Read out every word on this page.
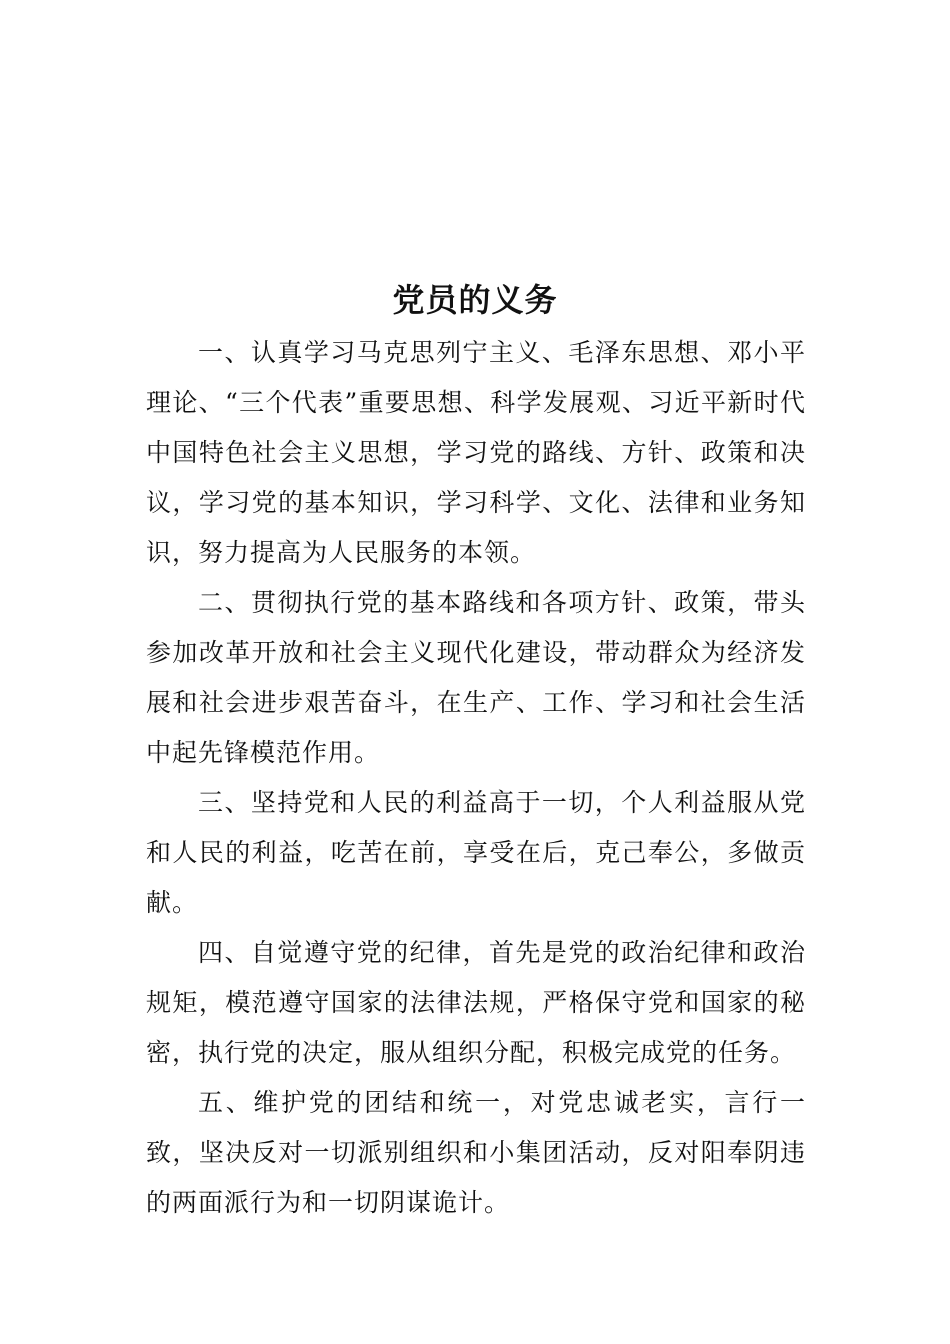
党员的义务

一、认真学习马克思列宁主义、毛泽东思想、邓小平理论、“三个代表”重要思想、科学发展观、习近平新时代中国特色社会主义思想，学习党的路线、方针、政策和决议，学习党的基本知识，学习科学、文化、法律和业务知识，努力提高为人民服务的本领。

二、贯彻执行党的基本路线和各项方针、政策，带头参加改革开放和社会主义现代化建设，带动群众为经济发展和社会进步艰苦奋斗，在生产、工作、学习和社会生活中起先锋模范作用。

三、坚持党和人民的利益高于一切，个人利益服从党和人民的利益，吃苦在前，享受在后，克己奉公，多做贡献。

四、自觉遵守党的纪律，首先是党的政治纪律和政治规矩，模范遵守国家的法律法规，严格保守党和国家的秘密，执行党的决定，服从组织分配，积极完成党的任务。

五、维护党的团结和统一，对党忠诚老实，言行一致，坚决反对一切派别组织和小集团活动，反对阳奉阴违的两面派行为和一切阴谋诡计。
